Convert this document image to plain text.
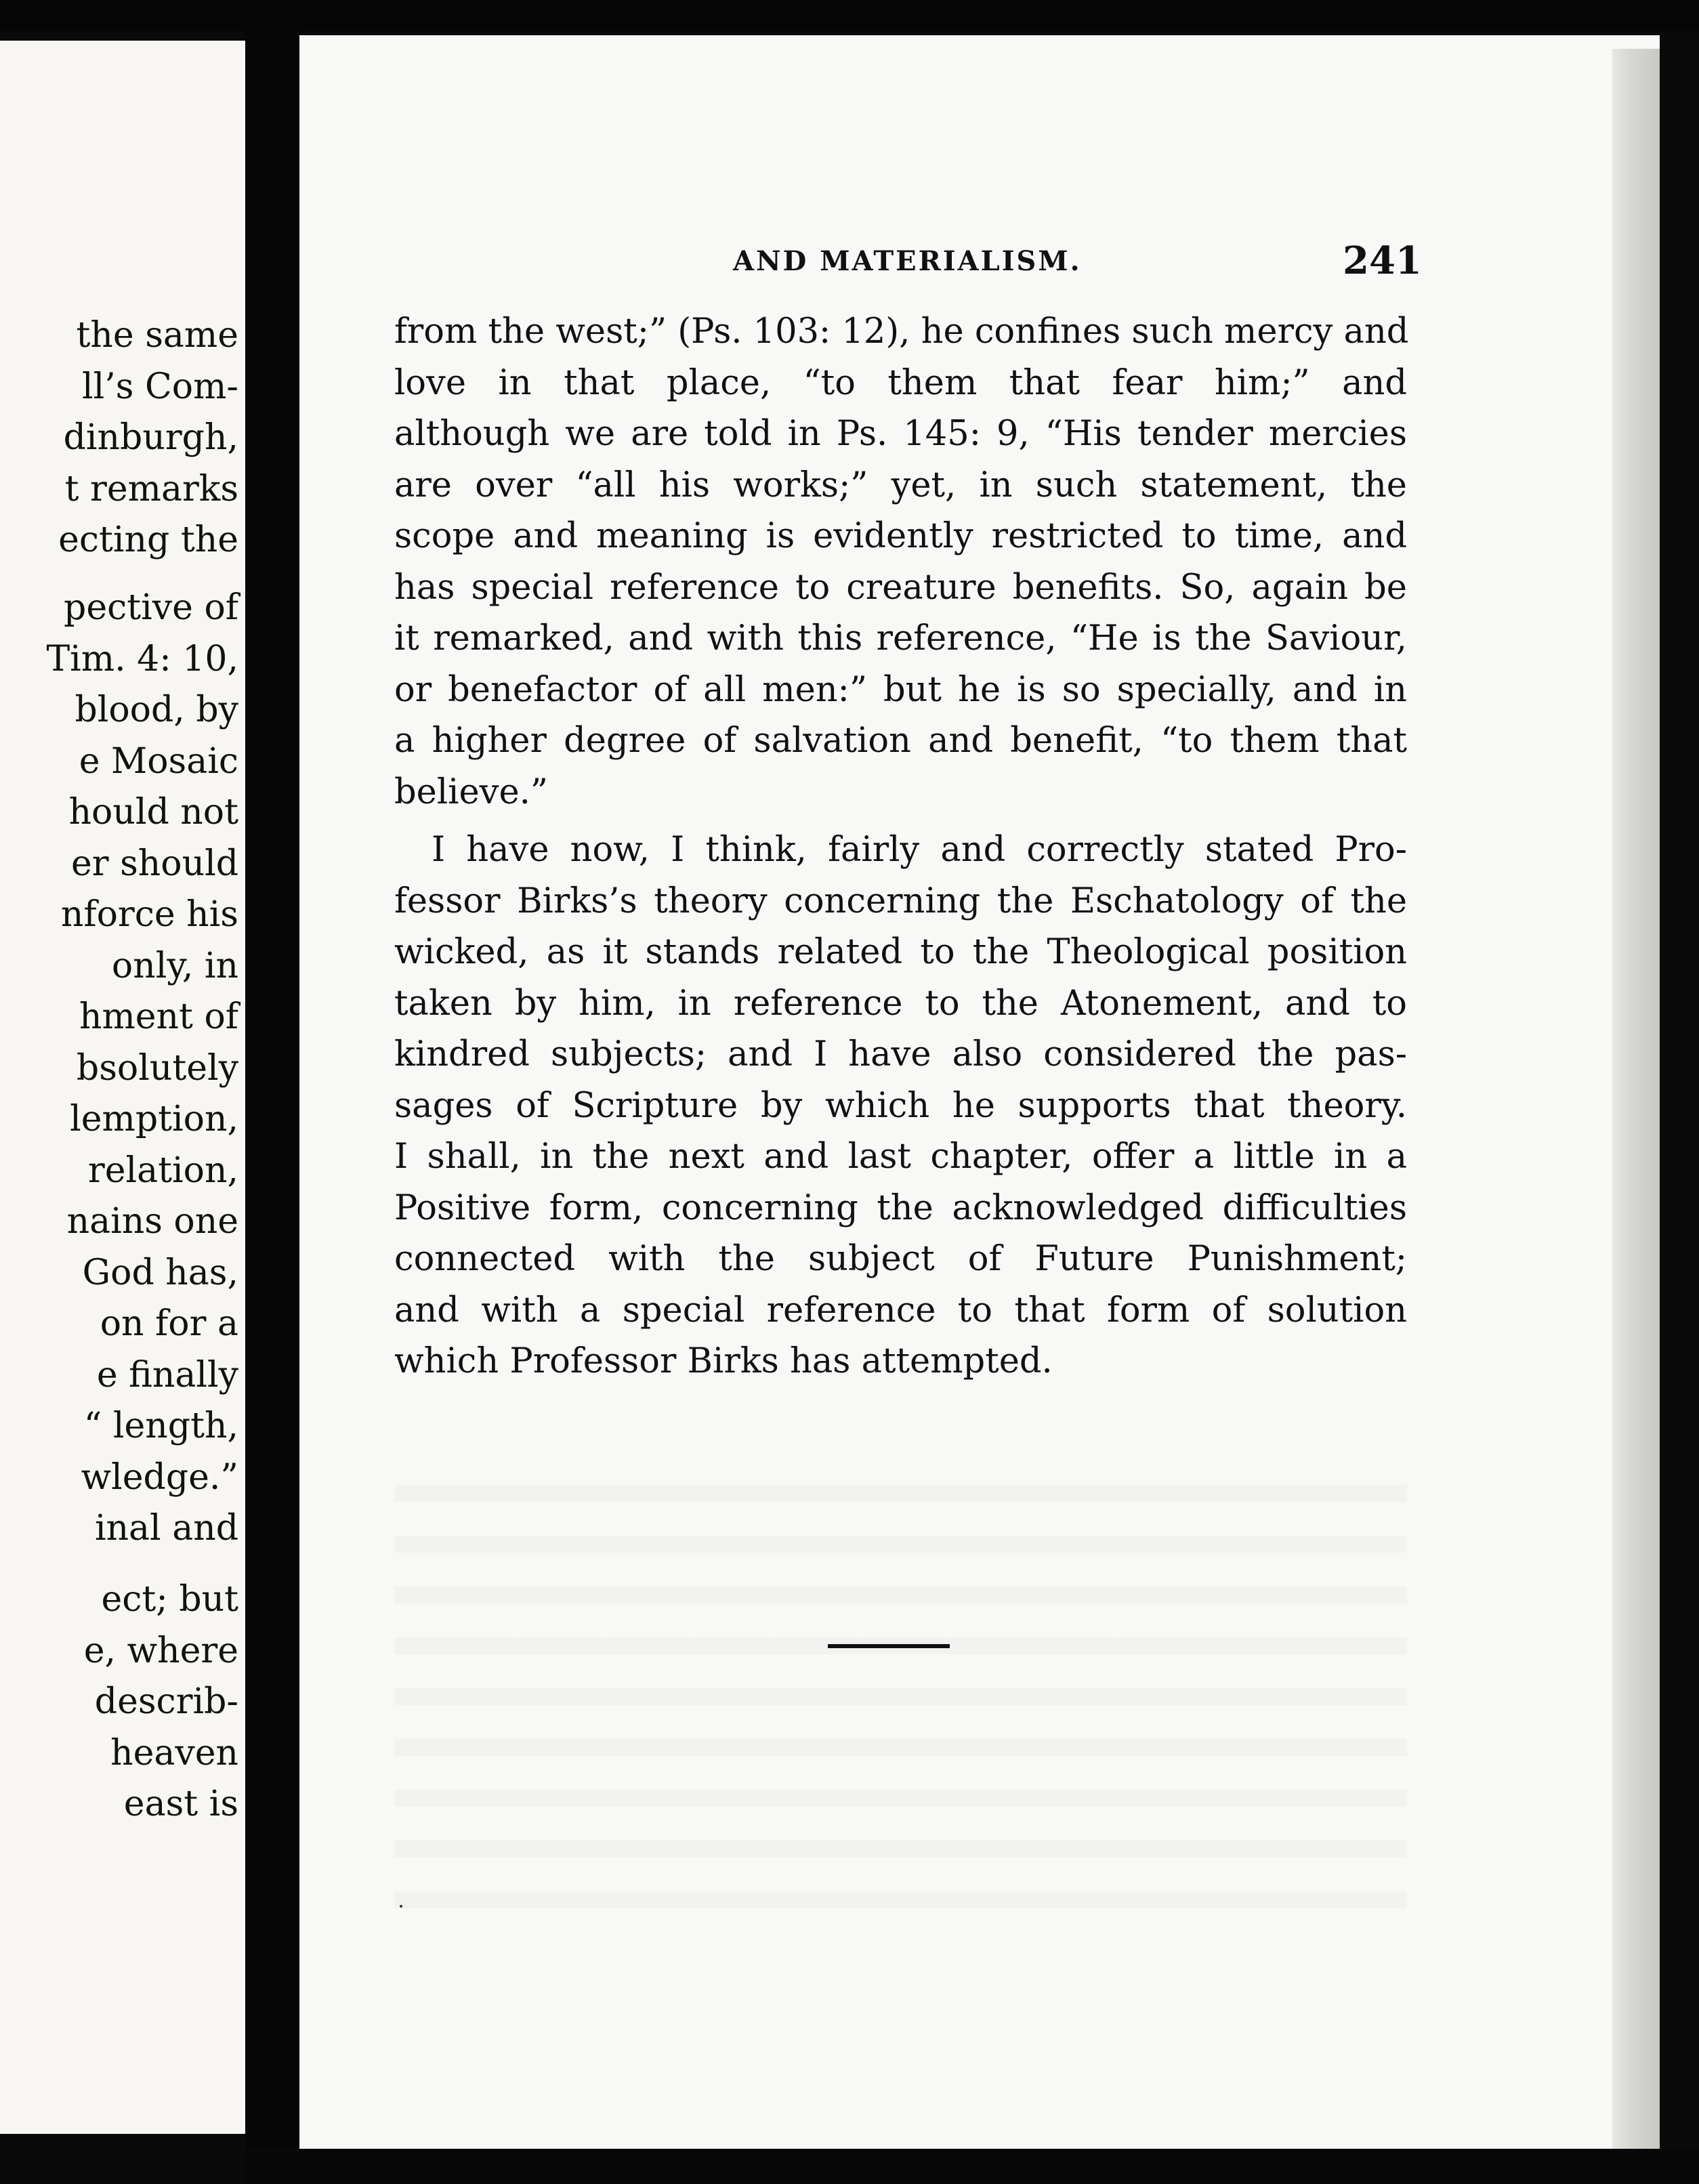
the same
ll’s Com-
dinburgh,
t remarks
ecting the
pective of
Tim. 4: 10,
blood, by
e Mosaic
hould not
er should
nforce his
only, in
hment of
bsolutely
lemption,
relation,
nains one
God has,
on for a
e finally
“ length,
wledge.”
inal and
ect; but
e, where
describ-
heaven
east is
AND MATERIALISM.	241
from the west;” (Ps. 103: 12), he confines such mercy and
love in that place, “to them that fear him;” and
although we are told in Ps. 145: 9, “His tender mercies
are over “all his works;” yet, in such statement, the
scope and meaning is evidently restricted to time, and
has special reference to creature benefits. So, again be
it remarked, and with this reference, “He is the Saviour,
or benefactor of all men:” but he is so specially, and in
a higher degree of salvation and benefit, “to them that
believe.”
I have now, I think, fairly and correctly stated Pro-
fessor Birks’s theory concerning the Eschatology of the
wicked, as it stands related to the Theological position
taken by him, in reference to the Atonement, and to
kindred subjects; and I have also considered the pas-
sages of Scripture by which he supports that theory.
I shall, in the next and last chapter, offer a little in a
Positive form, concerning the acknowledged difficulties
connected with the subject of Future Punishment;
and with a special reference to that form of solution
which Professor Birks has attempted.
